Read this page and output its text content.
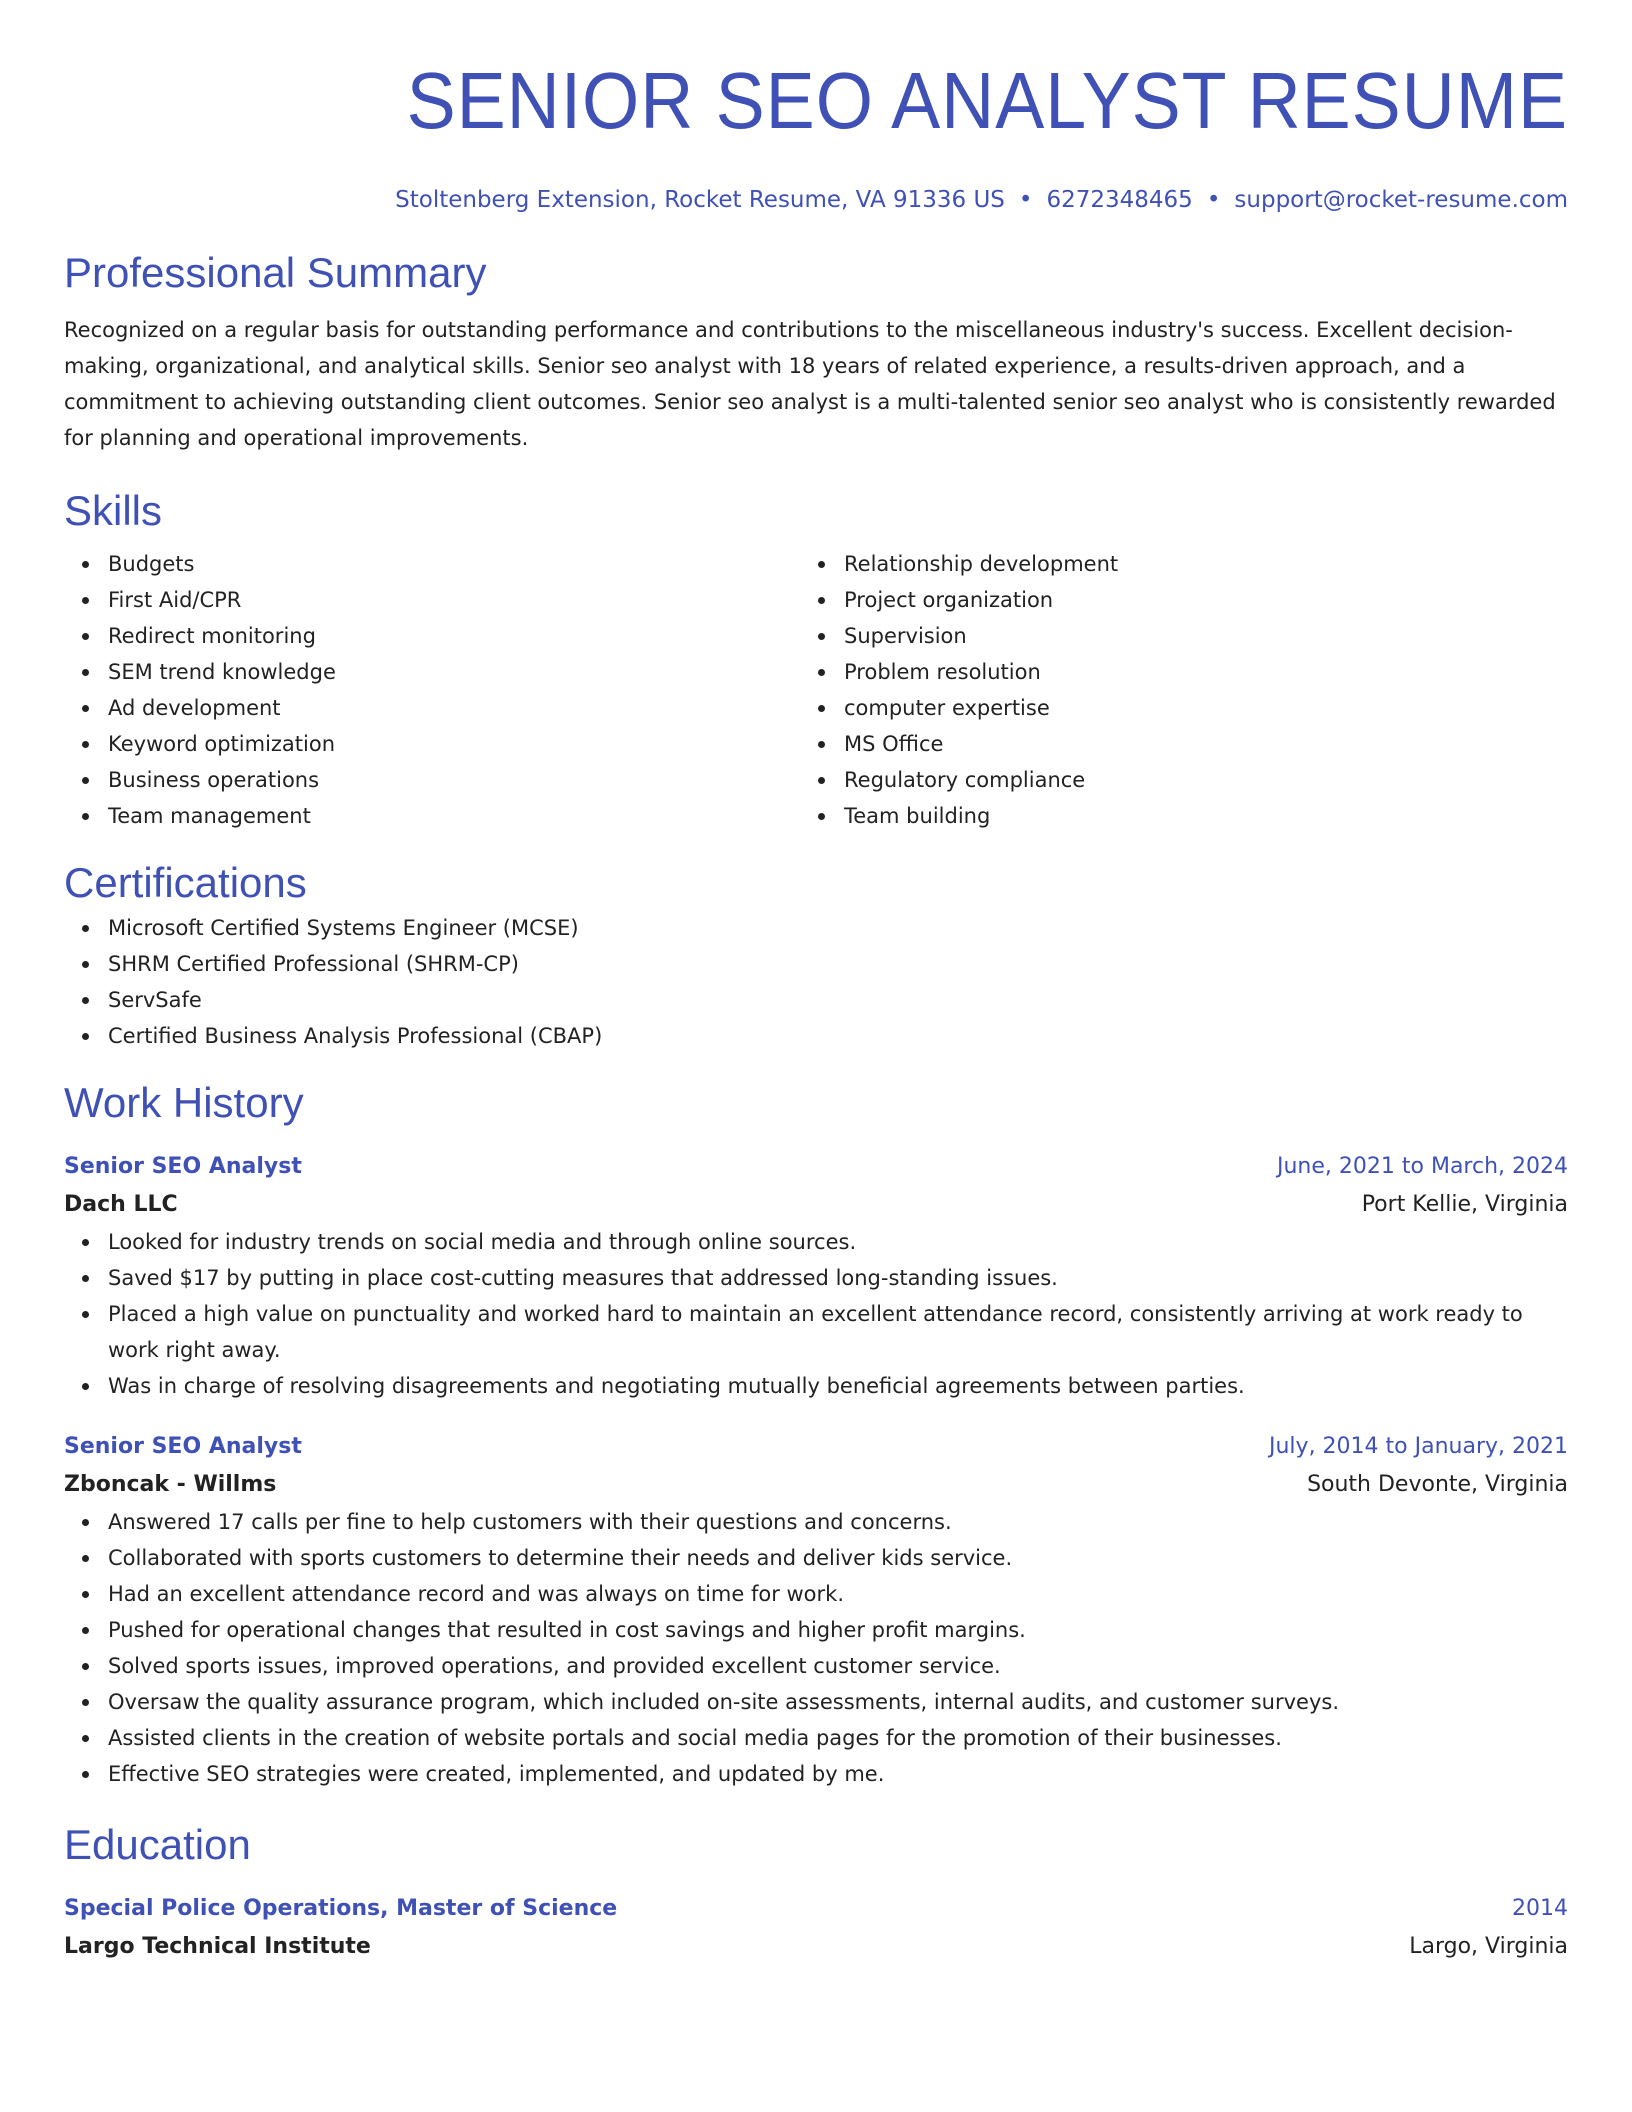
SENIOR SEO ANALYST RESUME
Stoltenberg Extension, Rocket Resume, VA 91336 US • 6272348465 • support@rocket-resume.com
Professional Summary
Recognized on a regular basis for outstanding performance and contributions to the miscellaneous industry's success. Excellent decision-making, organizational, and analytical skills. Senior seo analyst with 18 years of related experience, a results-driven approach, and a commitment to achieving outstanding client outcomes. Senior seo analyst is a multi-talented senior seo analyst who is consistently rewarded for planning and operational improvements.
Skills
Budgets
First Aid/CPR
Redirect monitoring
SEM trend knowledge
Ad development
Keyword optimization
Business operations
Team management
Relationship development
Project organization
Supervision
Problem resolution
computer expertise
MS Office
Regulatory compliance
Team building
Certifications
Microsoft Certified Systems Engineer (MCSE)
SHRM Certified Professional (SHRM-CP)
ServSafe
Certified Business Analysis Professional (CBAP)
Work History
Senior SEO Analyst	June, 2021 to March, 2024
Dach LLC	Port Kellie, Virginia
Looked for industry trends on social media and through online sources.
Saved $17 by putting in place cost-cutting measures that addressed long-standing issues.
Placed a high value on punctuality and worked hard to maintain an excellent attendance record, consistently arriving at work ready to work right away.
Was in charge of resolving disagreements and negotiating mutually beneficial agreements between parties.
Senior SEO Analyst	July, 2014 to January, 2021
Zboncak - Willms	South Devonte, Virginia
Answered 17 calls per fine to help customers with their questions and concerns.
Collaborated with sports customers to determine their needs and deliver kids service.
Had an excellent attendance record and was always on time for work.
Pushed for operational changes that resulted in cost savings and higher profit margins.
Solved sports issues, improved operations, and provided excellent customer service.
Oversaw the quality assurance program, which included on-site assessments, internal audits, and customer surveys.
Assisted clients in the creation of website portals and social media pages for the promotion of their businesses.
Effective SEO strategies were created, implemented, and updated by me.
Education
Special Police Operations, Master of Science	2014
Largo Technical Institute	Largo, Virginia
